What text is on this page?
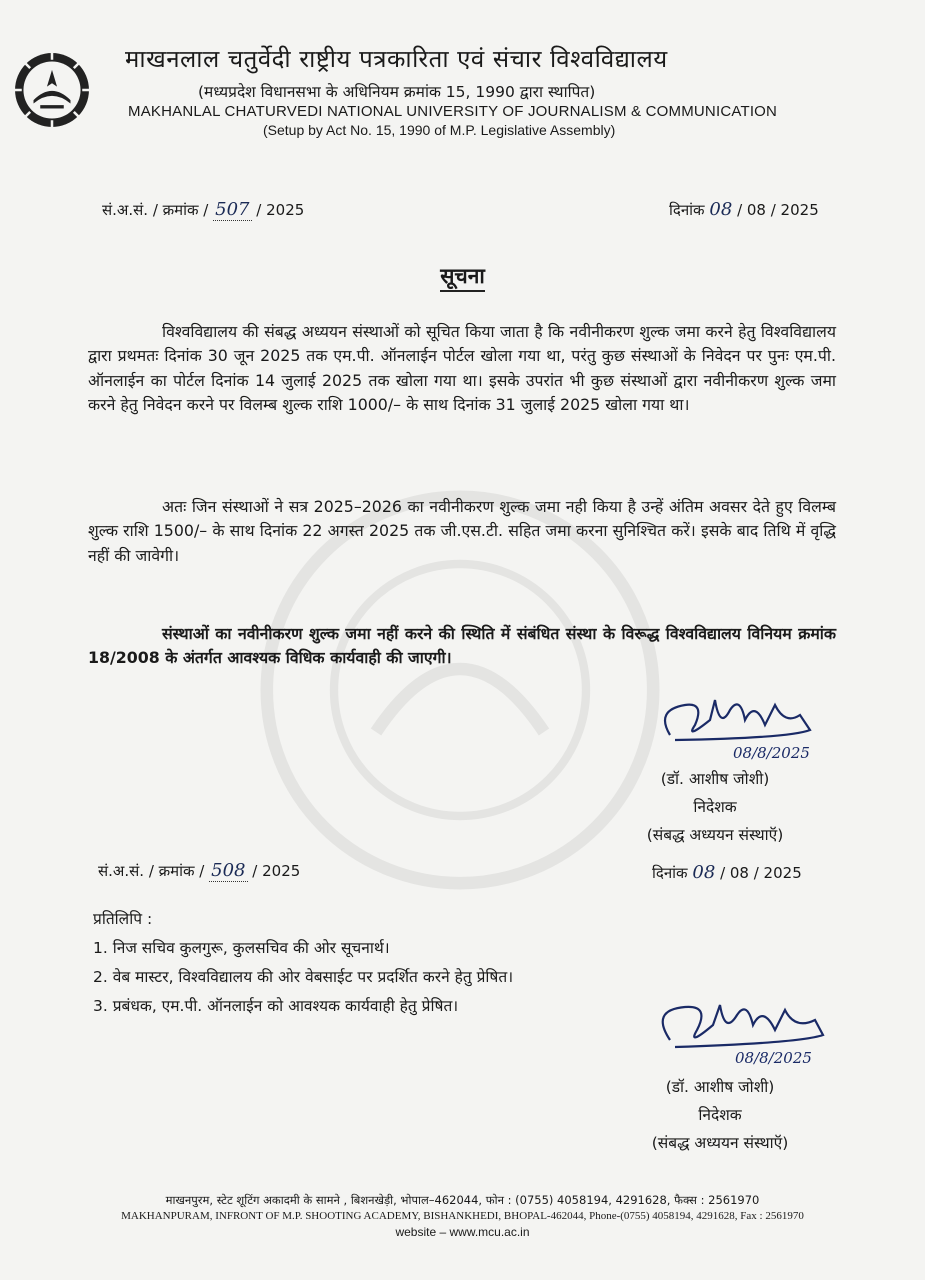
माखनलाल चतुर्वेदी राष्ट्रीय पत्रकारिता एवं संचार विश्वविद्यालय
(मध्यप्रदेश विधानसभा के अधिनियम क्रमांक 15, 1990 द्वारा स्थापित)
MAKHANLAL CHATURVEDI NATIONAL UNIVERSITY OF JOURNALISM & COMMUNICATION
(Setup by Act No. 15, 1990 of M.P. Legislative Assembly)
सं.अ.सं. / क्रमांक / 507 / 2025	दिनांक 08 / 08 / 2025
सूचना

विश्वविद्यालय की संबद्ध अध्ययन संस्थाओं को सूचित किया जाता है कि नवीनीकरण शुल्क जमा करने हेतु विश्वविद्यालय द्वारा प्रथमतः दिनांक 30 जून 2025 तक एम.पी. ऑनलाईन पोर्टल खोला गया था, परंतु कुछ संस्थाओं के निवेदन पर पुनः एम.पी. ऑनलाईन का पोर्टल दिनांक 14 जुलाई 2025 तक खोला गया था। इसके उपरांत भी कुछ संस्थाओं द्वारा नवीनीकरण शुल्क जमा करने हेतु निवेदन करने पर विलम्ब शुल्क राशि 1000/– के साथ दिनांक 31 जुलाई 2025 खोला गया था।

अतः जिन संस्थाओं ने सत्र 2025–2026 का नवीनीकरण शुल्क जमा नही किया है उन्हें अंतिम अवसर देते हुए विलम्ब शुल्क राशि 1500/– के साथ दिनांक 22 अगस्त 2025 तक जी.एस.टी. सहित जमा करना सुनिश्चित करें। इसके बाद तिथि में वृद्धि नहीं की जावेगी।

संस्थाओं का नवीनीकरण शुल्क जमा नहीं करने की स्थिति में संबंधित संस्था के विरूद्ध विश्वविद्यालय विनियम क्रमांक 18/2008 के अंतर्गत आवश्यक विधिक कार्यवाही की जाएगी।

08/8/2025
(डॉ. आशीष जोशी)
निदेशक
(संबद्ध अध्ययन संस्थाऍ)
सं.अ.सं. / क्रमांक / 508 / 2025	दिनांक 08 / 08 / 2025
प्रतिलिपि :
1. निज सचिव कुलगुरू, कुलसचिव की ओर सूचनार्थ।
2. वेब मास्टर, विश्वविद्यालय की ओर वेबसाईट पर प्रदर्शित करने हेतु प्रेषित।
3. प्रबंधक, एम.पी. ऑनलाईन को आवश्यक कार्यवाही हेतु प्रेषित।
08/8/2025
(डॉ. आशीष जोशी)
निदेशक
(संबद्ध अध्ययन संस्थाऍ)
माखनपुरम, स्टेट शूटिंग अकादमी के सामने , बिशनखेड़ी, भोपाल–462044, फोन : (0755) 4058194, 4291628, फैक्स : 2561970
MAKHANPURAM, INFRONT OF M.P. SHOOTING ACADEMY, BISHANKHEDI, BHOPAL-462044, Phone-(0755) 4058194, 4291628, Fax : 2561970
website – www.mcu.ac.in
